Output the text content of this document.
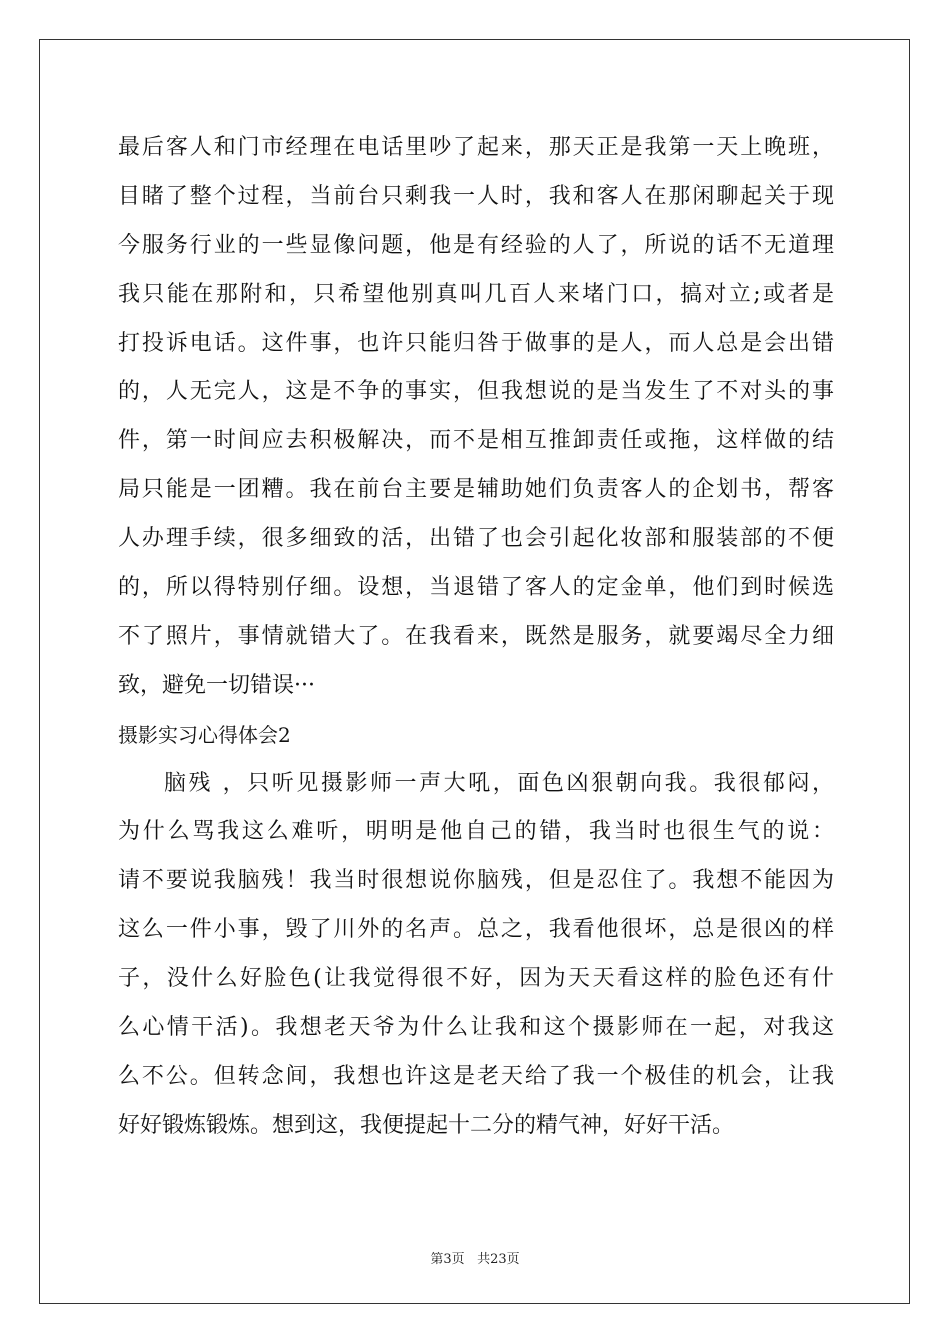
最后客人和门市经理在电话里吵了起来，那天正是我第一天上晚班，
目睹了整个过程，当前台只剩我一人时，我和客人在那闲聊起关于现
今服务行业的一些显像问题，他是有经验的人了，所说的话不无道理
我只能在那附和，只希望他别真叫几百人来堵门口，搞对立;或者是
打投诉电话。这件事，也许只能归咎于做事的是人，而人总是会出错
的，人无完人，这是不争的事实，但我想说的是当发生了不对头的事
件，第一时间应去积极解决，而不是相互推卸责任或拖，这样做的结
局只能是一团糟。我在前台主要是辅助她们负责客人的企划书，帮客
人办理手续，很多细致的活，出错了也会引起化妆部和服装部的不便
的，所以得特别仔细。设想，当退错了客人的定金单，他们到时候选
不了照片，事情就错大了。在我看来，既然是服务，就要竭尽全力细
致，避免一切错误···
摄影实习心得体会2
脑残 ，只听见摄影师一声大吼，面色凶狠朝向我。我很郁闷，
为什么骂我这么难听，明明是他自己的错，我当时也很生气的说：
请不要说我脑残！我当时很想说你脑残，但是忍住了。我想不能因为
这么一件小事，毁了川外的名声。总之，我看他很坏，总是很凶的样
子，没什么好脸色(让我觉得很不好，因为天天看这样的脸色还有什
么心情干活)。我想老天爷为什么让我和这个摄影师在一起，对我这
么不公。但转念间，我想也许这是老天给了我一个极佳的机会，让我
好好锻炼锻炼。想到这，我便提起十二分的精气神，好好干活。
第3页 共23页
